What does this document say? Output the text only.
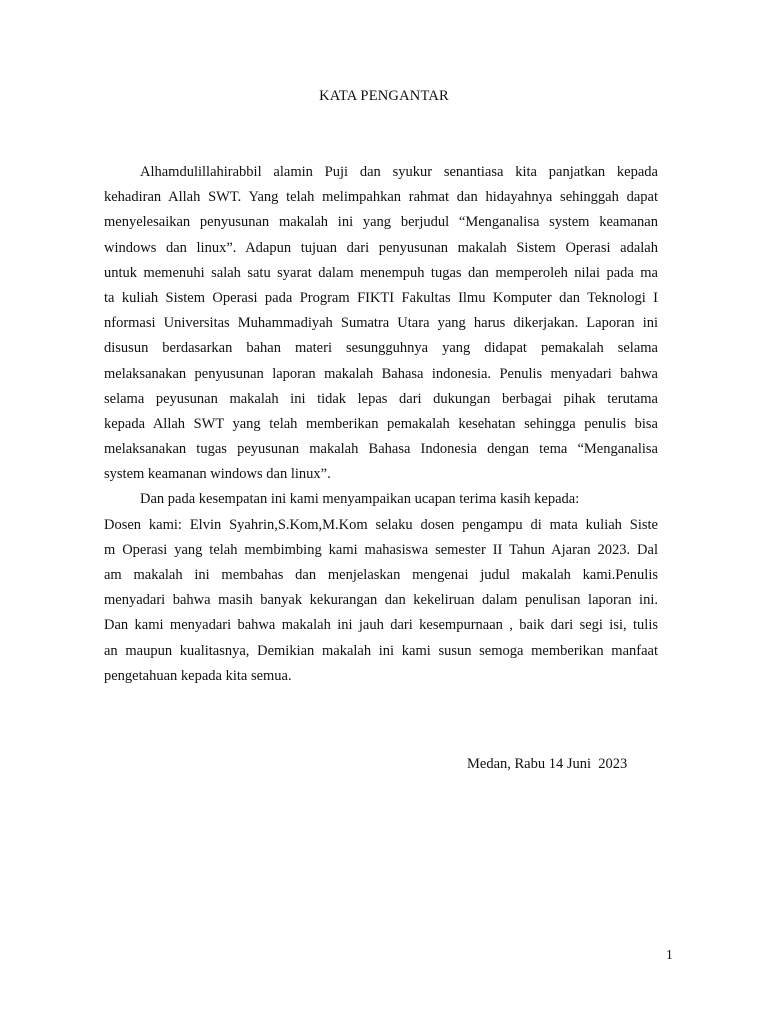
KATA PENGANTAR
Alhamdulillahirabbil alamin Puji dan syukur senantiasa kita panjatkan kepada
kehadiran Allah SWT. Yang telah melimpahkan rahmat dan hidayahnya sehinggah dapat
menyelesaikan penyusunan makalah ini yang berjudul “Menganalisa system keamanan
windows dan linux”. Adapun tujuan dari penyusunan makalah Sistem Operasi adalah
untuk memenuhi salah satu syarat dalam menempuh tugas dan memperoleh nilai pada ma
ta kuliah Sistem Operasi pada Program FIKTI Fakultas Ilmu Komputer dan Teknologi I
nformasi Universitas Muhammadiyah Sumatra Utara yang harus dikerjakan. Laporan ini
disusun berdasarkan bahan materi sesungguhnya yang didapat pemakalah selama
melaksanakan penyusunan laporan makalah Bahasa indonesia. Penulis menyadari bahwa
selama peyusunan makalah ini tidak lepas dari dukungan berbagai pihak terutama
kepada Allah SWT yang telah memberikan pemakalah kesehatan sehingga penulis bisa
melaksanakan tugas peyusunan makalah Bahasa Indonesia dengan tema “Menganalisa
system keamanan windows dan linux”.
Dan pada kesempatan ini kami menyampaikan ucapan terima kasih kepada:
Dosen kami: Elvin Syahrin,S.Kom,M.Kom selaku dosen pengampu di mata kuliah Siste
m Operasi yang telah membimbing kami mahasiswa semester II Tahun Ajaran 2023. Dal
am makalah ini membahas dan menjelaskan mengenai judul makalah kami.Penulis
menyadari bahwa masih banyak kekurangan dan kekeliruan dalam penulisan laporan ini.
Dan kami menyadari bahwa makalah ini jauh dari kesempurnaan , baik dari segi isi, tulis
an maupun kualitasnya, Demikian makalah ini kami susun semoga memberikan manfaat
pengetahuan kepada kita semua.
Medan, Rabu 14 Juni  2023
1
